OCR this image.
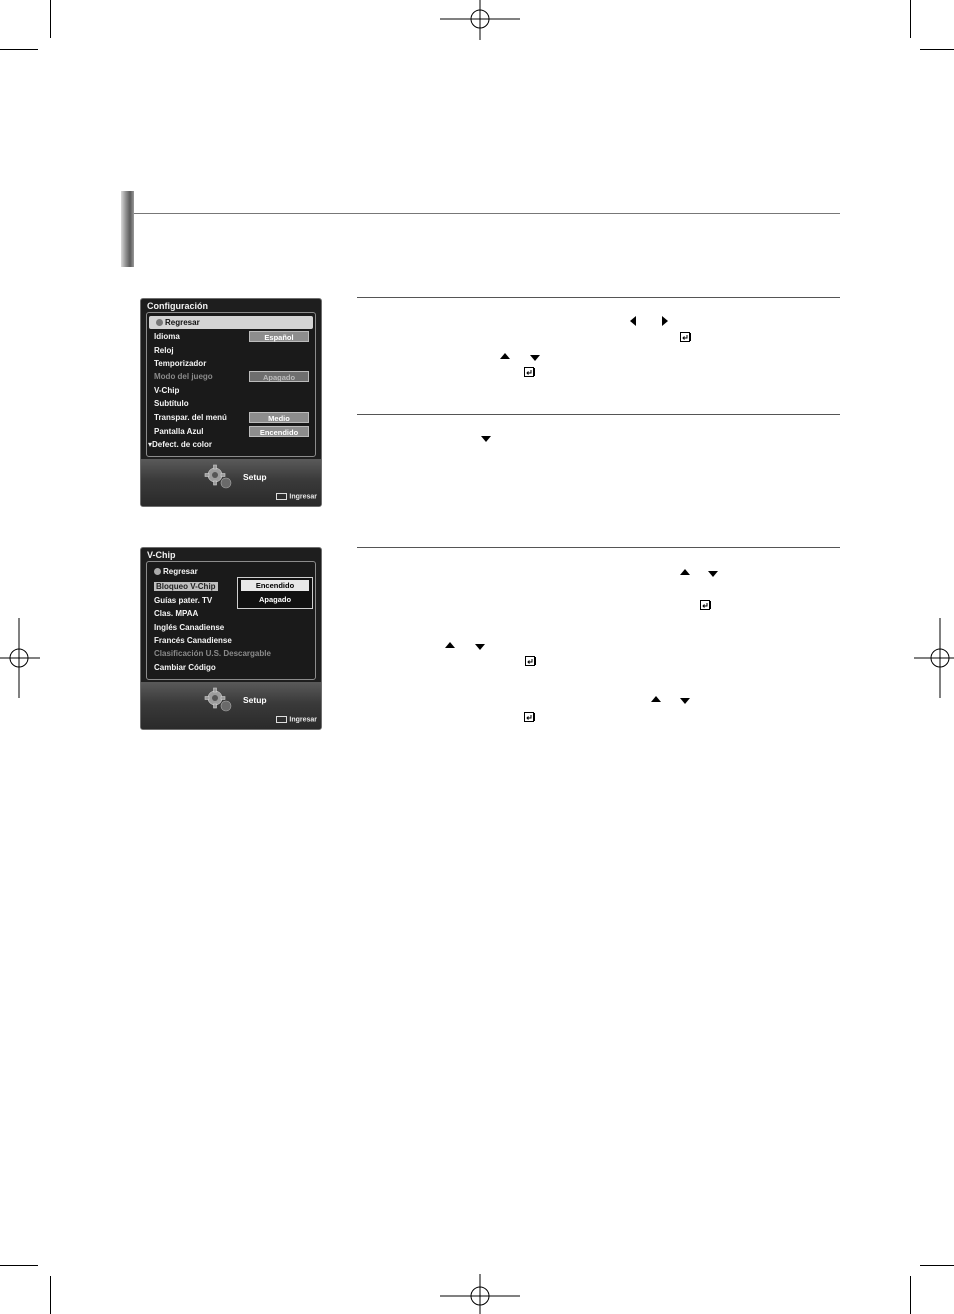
Configuración
Regresar
Idioma	Español
Reloj
Temporizador
Modo del juego	Apagado
V-Chip
Subtítulo
Transpar. del menú	Medio
Pantalla Azul	Encendido
▾Defect. de color
Setup
Ingresar
V-Chip
Regresar
Bloqueo V-Chip
Guías pater. TV
Clas. MPAA
Inglés Canadiense
Francés Canadiense
Clasificación U.S. Descargable
Cambiar Código
Encendido
Apagado
Setup
Ingresar
